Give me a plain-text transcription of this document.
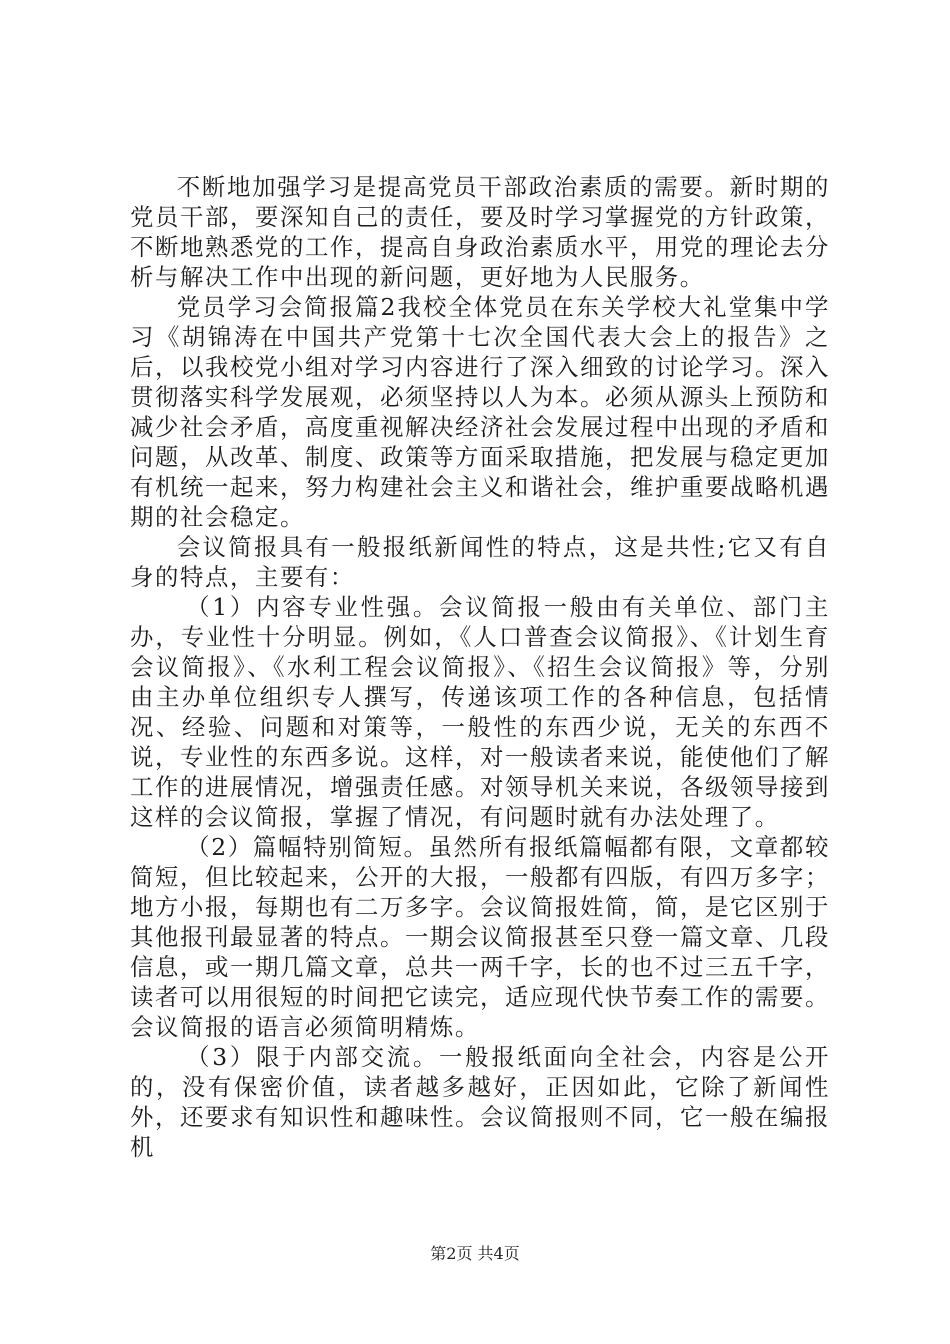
不断地加强学习是提高党员干部政治素质的需要。新时期的党员干部，要深知自己的责任，要及时学习掌握党的方针政策，不断地熟悉党的工作，提高自身政治素质水平，用党的理论去分析与解决工作中出现的新问题，更好地为人民服务。

党员学习会简报篇2我校全体党员在东关学校大礼堂集中学习《胡锦涛在中国共产党第十七次全国代表大会上的报告》之后，以我校党小组对学习内容进行了深入细致的讨论学习。深入贯彻落实科学发展观，必须坚持以人为本。必须从源头上预防和减少社会矛盾，高度重视解决经济社会发展过程中出现的矛盾和问题，从改革、制度、政策等方面采取措施，把发展与稳定更加有机统一起来，努力构建社会主义和谐社会，维护重要战略机遇期的社会稳定。

会议简报具有一般报纸新闻性的特点，这是共性;它又有自身的特点，主要有：

（1）内容专业性强。会议简报一般由有关单位、部门主办，专业性十分明显。例如，《人口普查会议简报》、《计划生育会议简报》、《水利工程会议简报》、《招生会议简报》等，分别由主办单位组织专人撰写，传递该项工作的各种信息，包括情况、经验、问题和对策等，一般性的东西少说，无关的东西不说，专业性的东西多说。这样，对一般读者来说，能使他们了解工作的进展情况，增强责任感。对领导机关来说，各级领导接到这样的会议简报，掌握了情况，有问题时就有办法处理了。

（2）篇幅特别简短。虽然所有报纸篇幅都有限，文章都较简短，但比较起来，公开的大报，一般都有四版，有四万多字；地方小报，每期也有二万多字。会议简报姓简，简，是它区别于其他报刊最显著的特点。一期会议简报甚至只登一篇文章、几段信息，或一期几篇文章，总共一两千字，长的也不过三五千字，读者可以用很短的时间把它读完，适应现代快节奏工作的需要。会议简报的语言必须简明精炼。

（3）限于内部交流。一般报纸面向全社会，内容是公开的，没有保密价值，读者越多越好，正因如此，它除了新闻性外，还要求有知识性和趣味性。会议简报则不同，它一般在编报机

第2页 共4页
